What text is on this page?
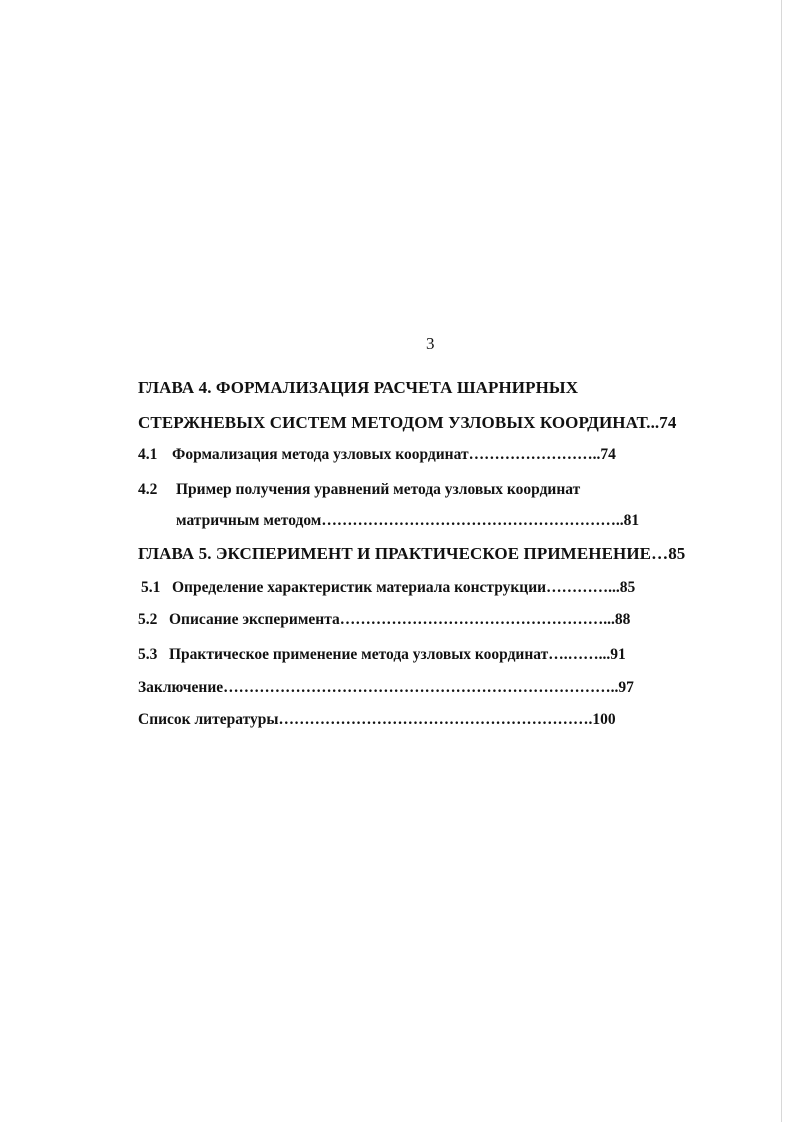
3
ГЛАВА 4. ФОРМАЛИЗАЦИЯ РАСЧЕТА ШАРНИРНЫХ
СТЕРЖНЕВЫХ СИСТЕМ МЕТОДОМ УЗЛОВЫХ КООРДИНАТ...74
4.1 Формализация метода узловых координат……………………..74
4.2 Пример получения уравнений метода узловых координат
матричным методом…………………………………………………..81
ГЛАВА 5. ЭКСПЕРИМЕНТ И ПРАКТИЧЕСКОЕ ПРИМЕНЕНИЕ…85
5.1 Определение характеристик материала конструкции…………...85
5.2 Описание эксперимента……………………………………………...88
5.3 Практическое применение метода узловых координат….……...91
Заключение…………………………………………………………………..97
Список литературы…………………………………………………….100
